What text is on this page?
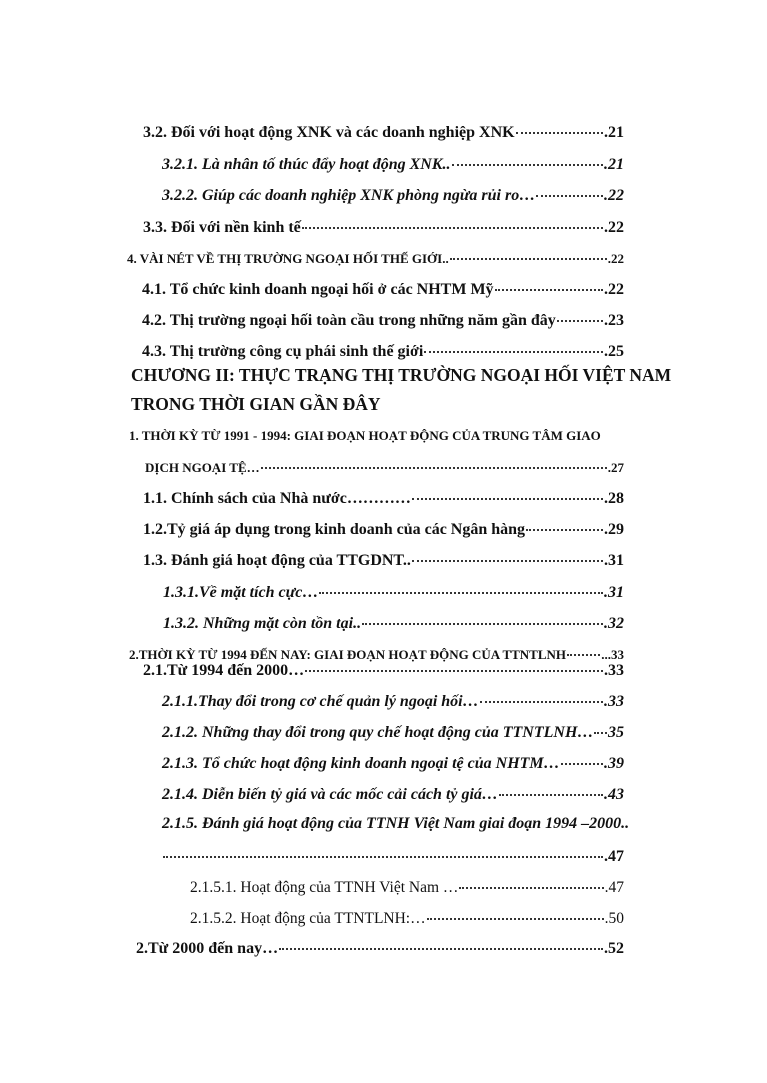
3.2. Đối với hoạt động XNK và các doanh nghiệp XNK	.21
3.2.1. Là nhân tố thúc đẩy hoạt động XNK..	.21
3.2.2. Giúp các doanh nghiệp XNK phòng ngừa rủi ro…	.22
3.3. Đối với nền kinh tế	.22
4. VÀI NÉT VỀ THỊ TRƯỜNG NGOẠI HỐI THẾ GIỚI..	.22
4.1. Tổ chức kinh doanh ngoại hối ở các NHTM Mỹ	.22
4.2. Thị trường ngoại hối toàn cầu trong những năm gần đây	.23
4.3. Thị trường công cụ phái sinh thế giới	.25
CHƯƠNG II: THỰC TRẠNG THỊ TRƯỜNG NGOẠI HỐI VIỆT NAM
TRONG THỜI GIAN GẦN ĐÂY
1. THỜI KỲ TỪ 1991 - 1994: GIAI ĐOẠN HOẠT ĐỘNG CỦA TRUNG TÂM GIAO
DỊCH NGOẠI TỆ…	.27
1.1. Chính sách của Nhà nước…………	.28
1.2.Tỷ giá áp dụng trong kinh doanh của các Ngân hàng	.29
1.3. Đánh giá hoạt động của TTGDNT..	.31
1.3.1.Về mặt tích cực…	.31
1.3.2. Những mặt còn tồn tại..	.32
2.THỜI KỲ TỪ 1994 ĐẾN NAY: GIAI ĐOẠN HOẠT ĐỘNG CỦA TTNTLNH	...33
2.1.Từ 1994 đến 2000…	.33
2.1.1.Thay đổi trong cơ chế quản lý ngoại hối…	.33
2.1.2. Những thay đổi trong quy chế hoạt động của TTNTLNH… 35
2.1.3. Tổ chức hoạt động kinh doanh ngoại tệ của NHTM…	.39
2.1.4. Diễn biến tỷ giá và các mốc cải cách tỷ giá…	.43
2.1.5. Đánh giá hoạt động của TTNH Việt Nam giai đoạn 1994 –2000..
.47
2.1.5.1. Hoạt động của TTNH Việt Nam …	.47
2.1.5.2. Hoạt động của TTNTLNH:…	.50
2.Từ 2000 đến nay…	.52
